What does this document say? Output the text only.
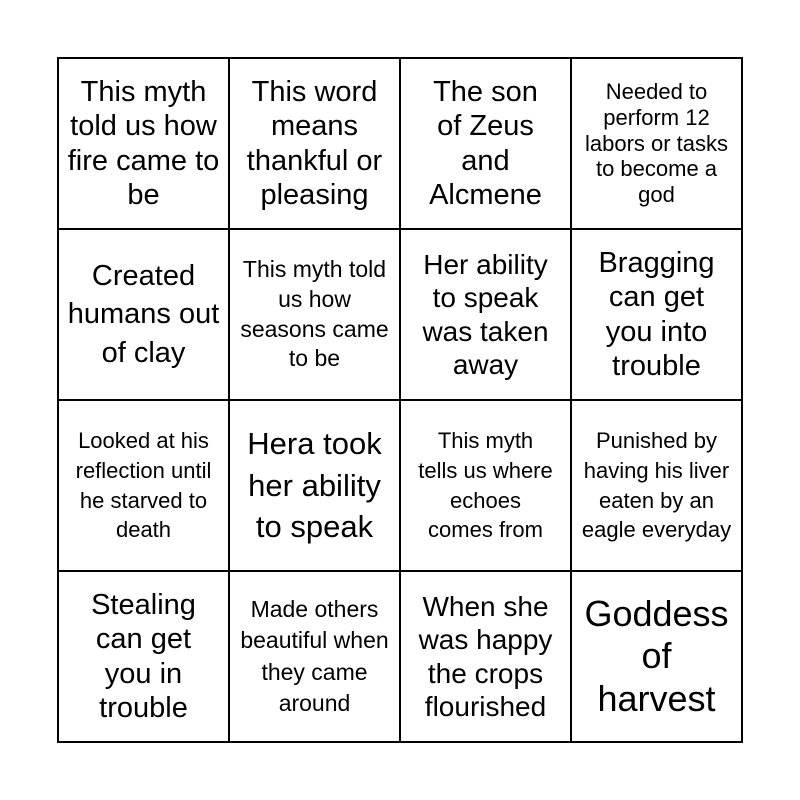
This myth told us how fire came to be
This word means thankful or pleasing
The son of Zeus and Alcmene
Needed to perform 12 labors or tasks to become a god
Created humans out of clay
This myth told us how seasons came to be
Her ability to speak was taken away
Bragging can get you into trouble
Looked at his reflection until he starved to death
Hera took her ability to speak
This myth tells us where echoes comes from
Punished by having his liver eaten by an eagle everyday
Stealing can get you in trouble
Made others beautiful when they came around
When she was happy the crops flourished
Goddess of harvest
